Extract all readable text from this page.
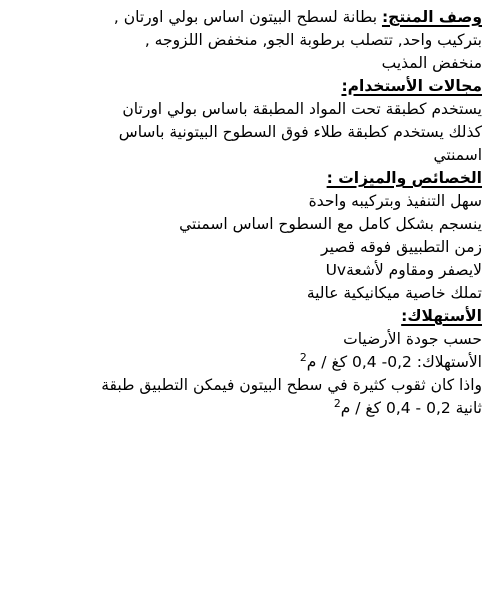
وصف المنتج: بطانة لسطح البيتون اساس بولي اورتان ,
بتركيب واحد, تتصلب برطوبة الجو, منخفض اللزوجه ,
منخفض المذيب

مجالات الأستخدام:
يستخدم كطبقة تحت المواد المطبقة باساس بولي اورتان
كذلك يستخدم كطبقة طلاء فوق السطوح البيتونية باساس
اسمنتي

الخصائص والميزات :
سهل التنفيذ وبتركيبه واحدة
ينسجم بشكل كامل مع السطوح اساس اسمنتي
زمن التطبييق فوقه قصير
لايصفر ومقاوم لأشعةUv
تملك خاصية ميكانيكية عالية

الأستهلاك:
حسب جودة الأرضيات
الأستهلاك: 0,2- 0,4 كغ / م$^2$
واذا كان ثقوب كثيرة في سطح البيتون فيمكن التطبيق طبقة
ثانية 0,2 - 0,4 كغ / م$^2$
